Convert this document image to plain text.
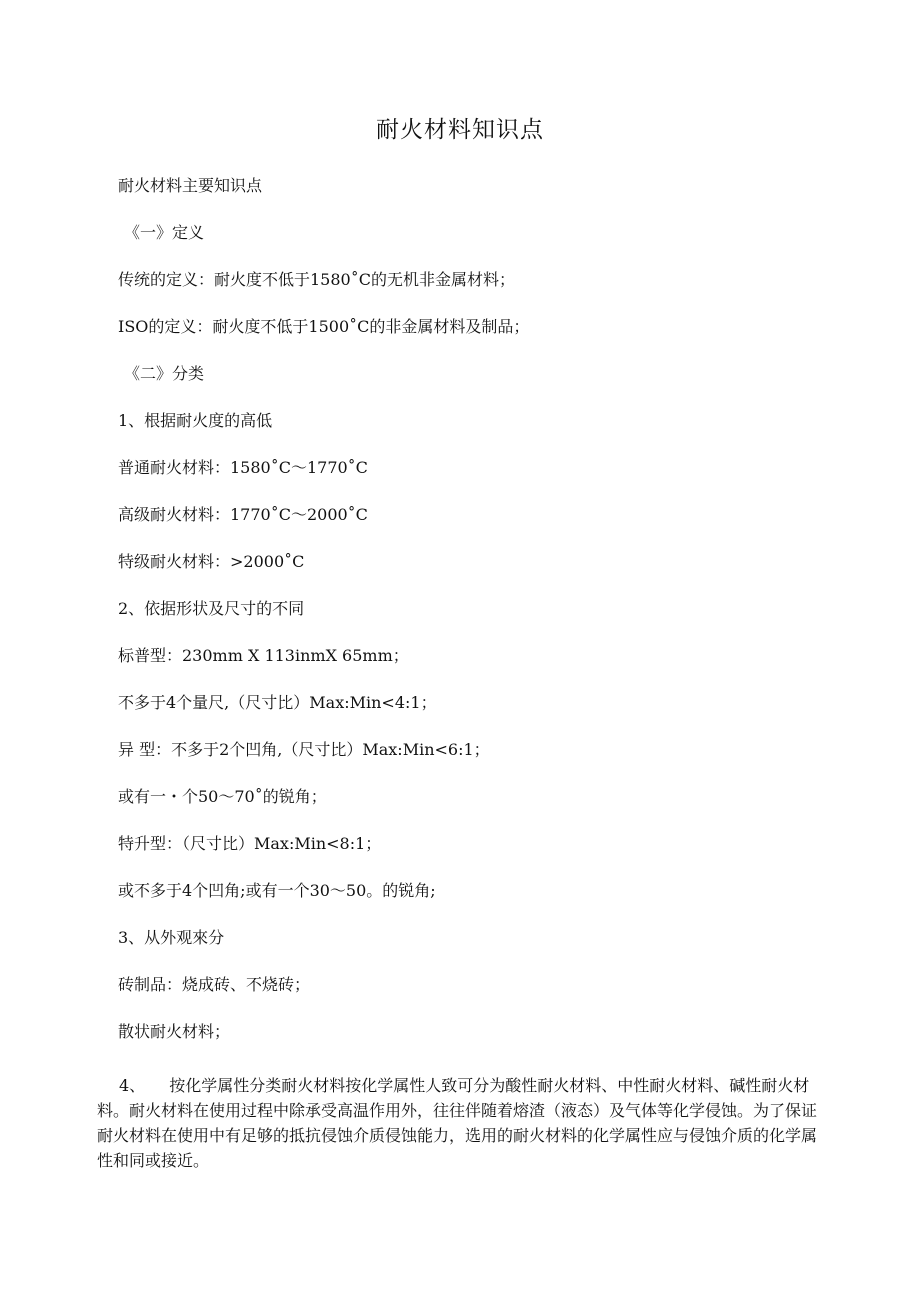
耐火材料知识点
耐火材料主要知识点
《一》定义
传统的定义：耐火度不低于1580˚C的无机非金属材料；
ISO的定义：耐火度不低于1500˚C的非金属材料及制品；
《二》分类
1、根据耐火度的高低
普通耐火材料：1580˚C～1770˚C
高级耐火材料：1770˚C～2000˚C
特级耐火材料：>2000˚C
2、依据形状及尺寸的不同
标普型：230mm X 113inmX 65mm；
不多于4个量尺,（尺寸比）Max:Min<4:1；
异 型：不多于2个凹角,（尺寸比）Max:Min<6:1；
或有一・个50～70˚的锐角；
特升型：（尺寸比）Max:Min<8:1；
或不多于4个凹角;或有一个30～50。的锐角;
3、从外观來分
砖制品：烧成砖、不烧砖；
散状耐火材料；

4、 按化学属性分类耐火材料按化学属性人致可分为酸性耐火材料、中性耐火材料、碱性耐火材料。耐火材料在使用过程中除承受高温作用外，往往伴随着熔渣（液态）及气体等化学侵蚀。为了保证耐火材料在使用中有足够的抵抗侵蚀介质侵蚀能力，选用的耐火材料的化学属性应与侵蚀介质的化学属性和同或接近。
